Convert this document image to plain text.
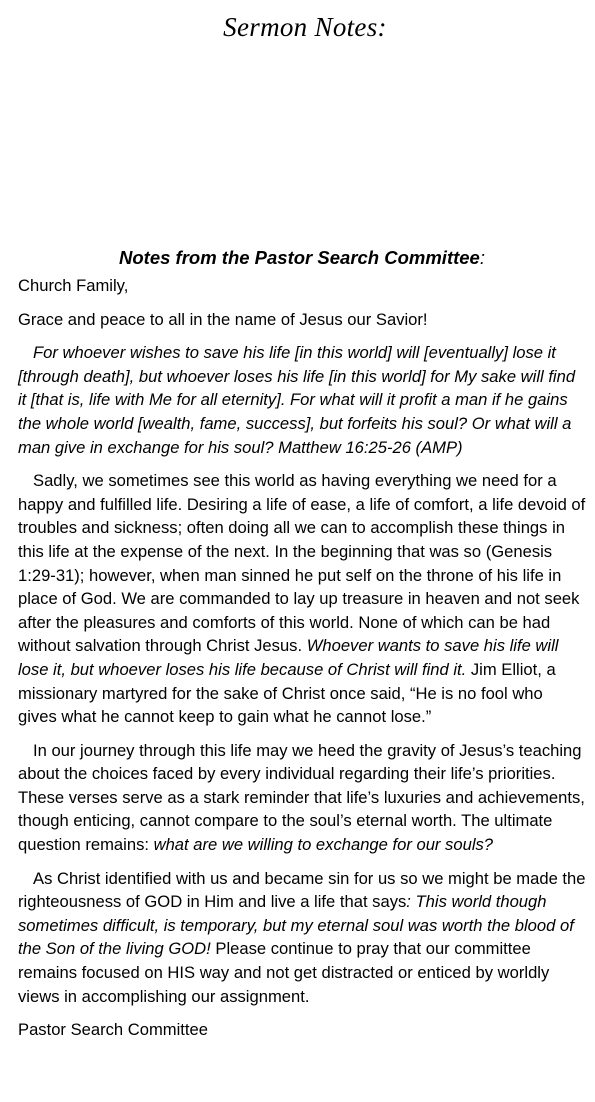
Sermon Notes:
Notes from the Pastor Search Committee:

Church Family,

Grace and peace to all in the name of Jesus our Savior!

For whoever wishes to save his life [in this world] will [eventually] lose it [through death], but whoever loses his life [in this world] for My sake will find it [that is, life with Me for all eternity]. For what will it profit a man if he gains the whole world [wealth, fame, success], but forfeits his soul? Or what will a man give in exchange for his soul? Matthew 16:25-26 (AMP)

Sadly, we sometimes see this world as having everything we need for a happy and fulfilled life. Desiring a life of ease, a life of comfort, a life devoid of troubles and sickness; often doing all we can to accomplish these things in this life at the expense of the next. In the beginning that was so (Genesis 1:29-31); however, when man sinned he put self on the throne of his life in place of God. We are commanded to lay up treasure in heaven and not seek after the pleasures and comforts of this world. None of which can be had without salvation through Christ Jesus. Whoever wants to save his life will lose it, but whoever loses his life because of Christ will find it. Jim Elliot, a missionary martyred for the sake of Christ once said, “He is no fool who gives what he cannot keep to gain what he cannot lose.”

In our journey through this life may we heed the gravity of Jesus’s teaching about the choices faced by every individual regarding their life’s priorities. These verses serve as a stark reminder that life’s luxuries and achievements, though enticing, cannot compare to the soul’s eternal worth. The ultimate question remains: what are we willing to exchange for our souls?

As Christ identified with us and became sin for us so we might be made the righteousness of GOD in Him and live a life that says: This world though sometimes difficult, is temporary, but my eternal soul was worth the blood of the Son of the living GOD! Please continue to pray that our committee remains focused on HIS way and not get distracted or enticed by worldly views in accomplishing our assignment.

Pastor Search Committee
